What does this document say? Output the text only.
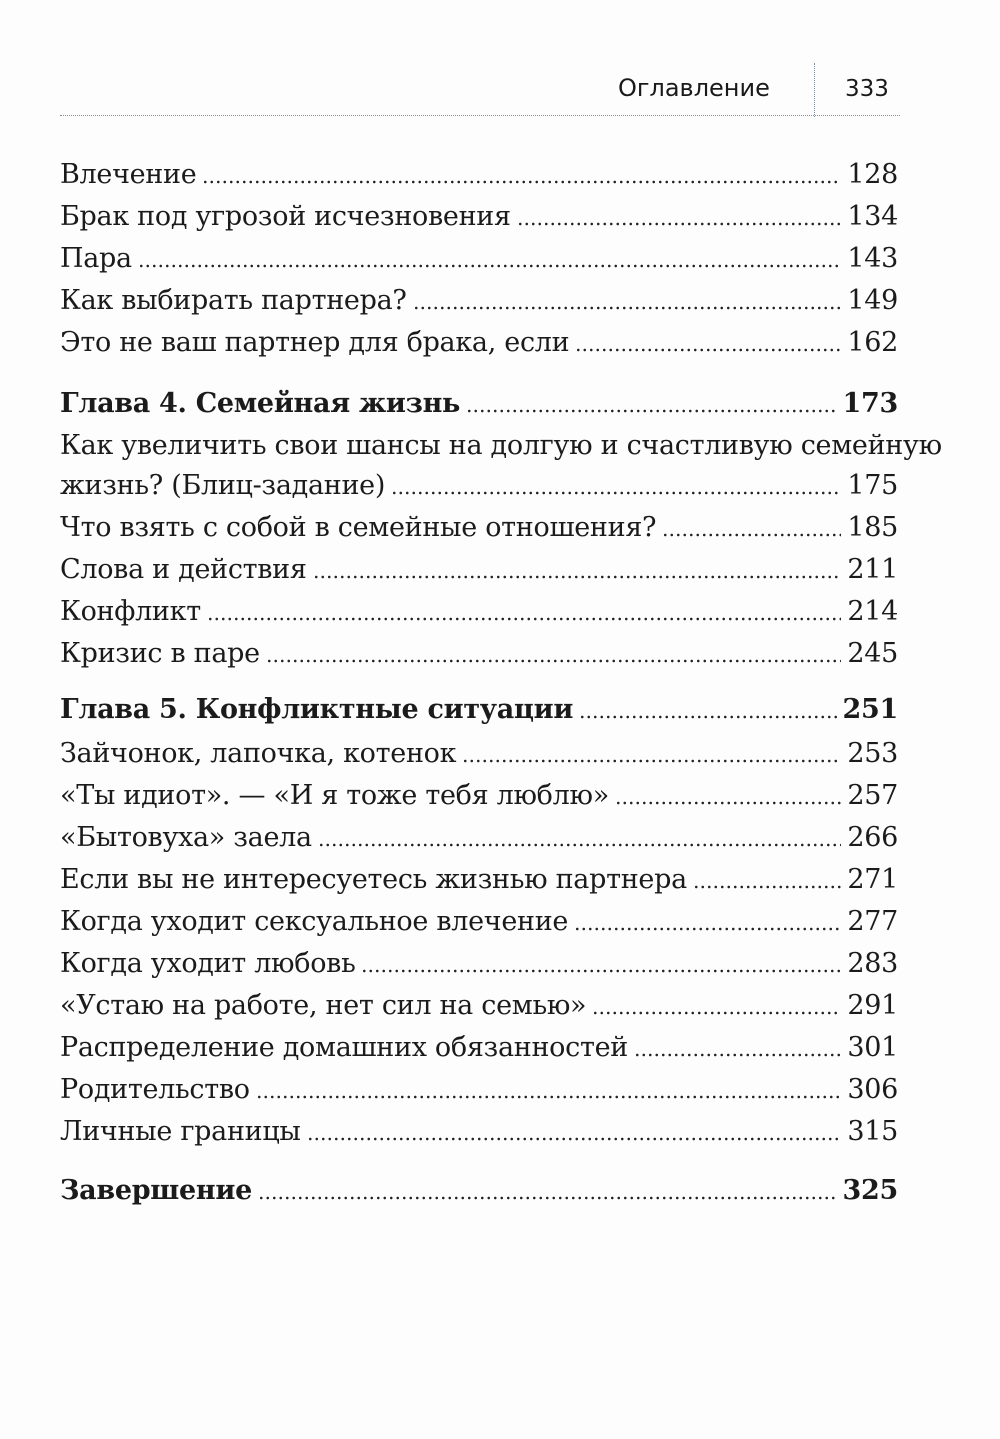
Оглавление	333
Влечение	128
Брак под угрозой исчезновения	134
Пара	143
Как выбирать партнера?	149
Это не ваш партнер для брака, если	162
Глава 4. Семейная жизнь	173
Как увеличить свои шансы на долгую и счастливую семейную
жизнь? (Блиц-задание)	175
Что взять с собой в семейные отношения?	185
Слова и действия	211
Конфликт	214
Кризис в паре	245
Глава 5. Конфликтные ситуации	251
Зайчонок, лапочка, котенок	253
«Ты идиот». — «И я тоже тебя люблю»	257
«Бытовуха» заела	266
Если вы не интересуетесь жизнью партнера	271
Когда уходит сексуальное влечение	277
Когда уходит любовь	283
«Устаю на работе, нет сил на семью»	291
Распределение домашних обязанностей	301
Родительство	306
Личные границы	315
Завершение	325
